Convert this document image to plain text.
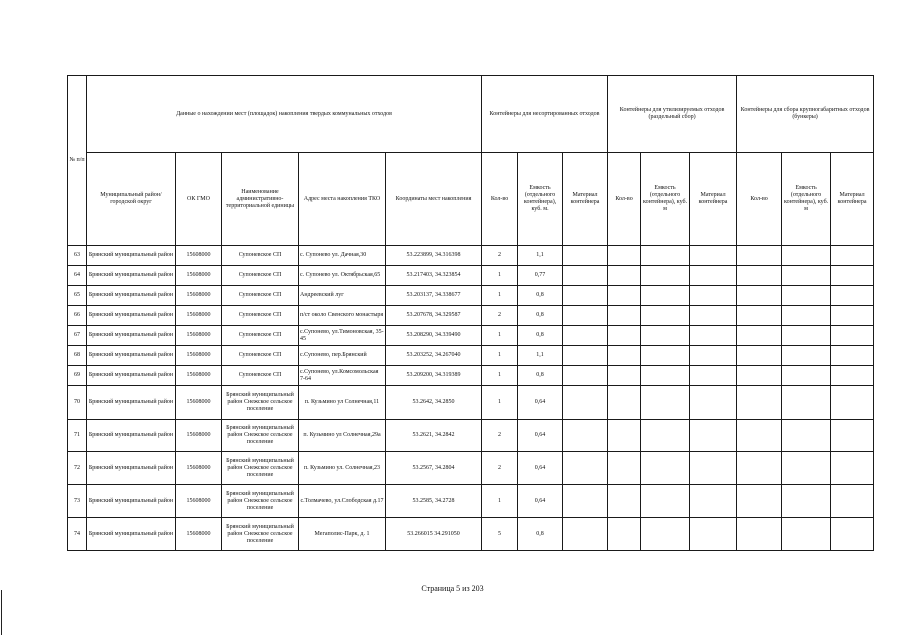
№ п/п	Данные о нахождении мест (площадок) накопления твердых коммунальных отходов					Контейнеры для несортированных отходов			Контейнеры для утилизируемых отходов (раздельный сбор)			Контейнеры для сбора крупногабаритных отходов (бункеры)		
	Муниципальный район/городской округ	ОК ГМО	Наименование административно-территориальной единицы	Адрес места накопления ТКО	Координаты мест накопления	Кол-во	Емкость (отдельного контейнера), куб. м.	Материал контейнера	Кол-во	Емкость (отдельного контейнера), куб. м	Материал контейнера	Кол-во	Емкость (отдельного контейнера), куб. м	Материал контейнера
63	Брянский муниципальный район	15608000	Супоневское СП	с. Супонево ул. Дачная,30	53.223899, 34.316398	2	1,1							
64	Брянский муниципальный район	15608000	Супоневское СП	с. Супонево ул. Октябрьская,65	53.217403, 34.323854	1	0,77							
65	Брянский муниципальный район	15608000	Супоневское СП	Андреевский луг	53.203137, 34.338677	1	0,8							
66	Брянский муниципальный район	15608000	Супоневское СП	п/ст около Свенского монастыря	53.207678, 34.329587	2	0,8							
67	Брянский муниципальный район	15608000	Супоневское СП	с.Супонево, ул.Тимоновская, 35-45	53.208290, 34.339490	1	0,8							
68	Брянский муниципальный район	15608000	Супоневское СП	с.Супонево, пер.Брянский	53.203252, 34.267040	1	1,1							
69	Брянский муниципальный район	15608000	Супоневское СП	с.Супонево, ул.Комсомольская 7-64	53.209200, 34.319389	1	0,8							
70	Брянский муниципальный район	15608000	Брянский муниципальный район Снежское сельское поселение	п. Кузьмино ул Солнечная,11	53.2642, 34.2850	1	0,64							
71	Брянский муниципальный район	15608000	Брянский муниципальный район Снежское сельское поселение	п. Кузьмино ул Солнечная,29а	53.2621, 34.2842	2	0,64							
72	Брянский муниципальный район	15608000	Брянский муниципальный район Снежское сельское поселение	п. Кузьмино ул. Солнечная,23	53.2567, 34.2804	2	0,64							
73	Брянский муниципальный район	15608000	Брянский муниципальный район Снежское сельское поселение	с.Толмачево, ул.Слободская д.17	53.2585, 34.2728	1	0,64							
74	Брянский муниципальный район	15608000	Брянский муниципальный район Снежское сельское поселение	Мегаполис-Парк, д. 1	53.266015 34.291050	5	0,8							
Страница 5 из 203
